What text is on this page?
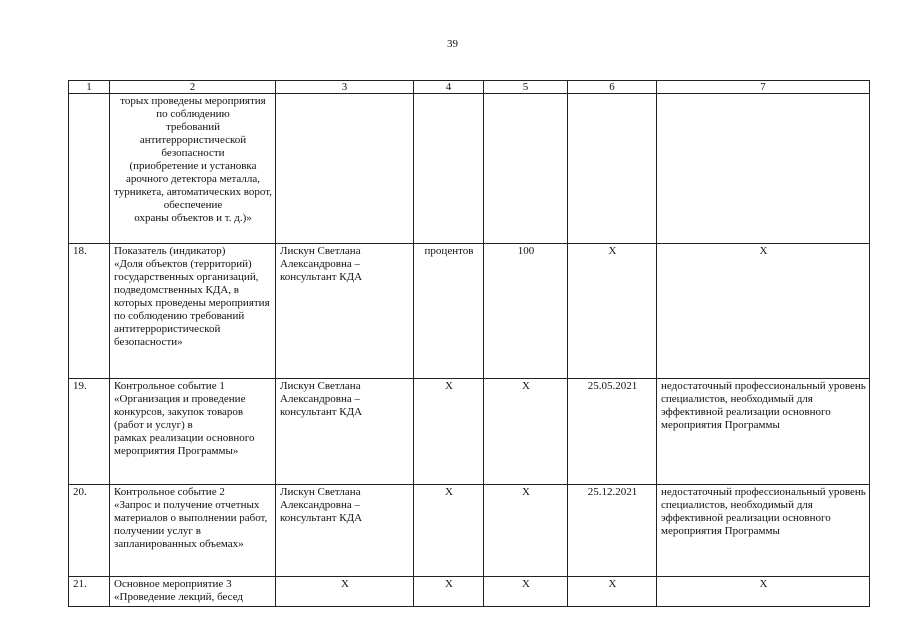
39
1	2	3	4	5	6	7

	торых проведены мероприятия по соблюдению
требований антитеррористической безопасности
(приобретение и установка
арочного детектора металла, турникета, автоматических ворот, обеспечение
охраны объектов и т. д.)»					

18.	Показатель (индикатор)
«Доля объектов (территорий) государственных организаций, подведомственных КДА, в которых проведены мероприятия по соблюдению требований антитеррористической безопасности»	Лискун Светлана
Александровна – консультант КДА	процентов	100	X	X
19.	Контрольное событие 1
«Организация и проведение конкурсов, закупок товаров (работ и услуг) в
рамках реализации основного мероприятия Программы»	Лискун Светлана
Александровна – консультант КДА	X	X	25.05.2021	недостаточный профессиональный уровень специалистов, необходимый для эффективной реализации основного мероприятия Программы

20.	Контрольное событие 2
«Запрос и получение отчетных материалов о выполнении работ, получении услуг в запланированных объемах»	Лискун Светлана
Александровна – консультант КДА	X	X	25.12.2021	недостаточный профессиональный уровень специалистов, необходимый для эффективной реализации основного мероприятия Программы

21.	Основное мероприятие 3
«Проведение лекций, бесед	X	X	X	X	X
